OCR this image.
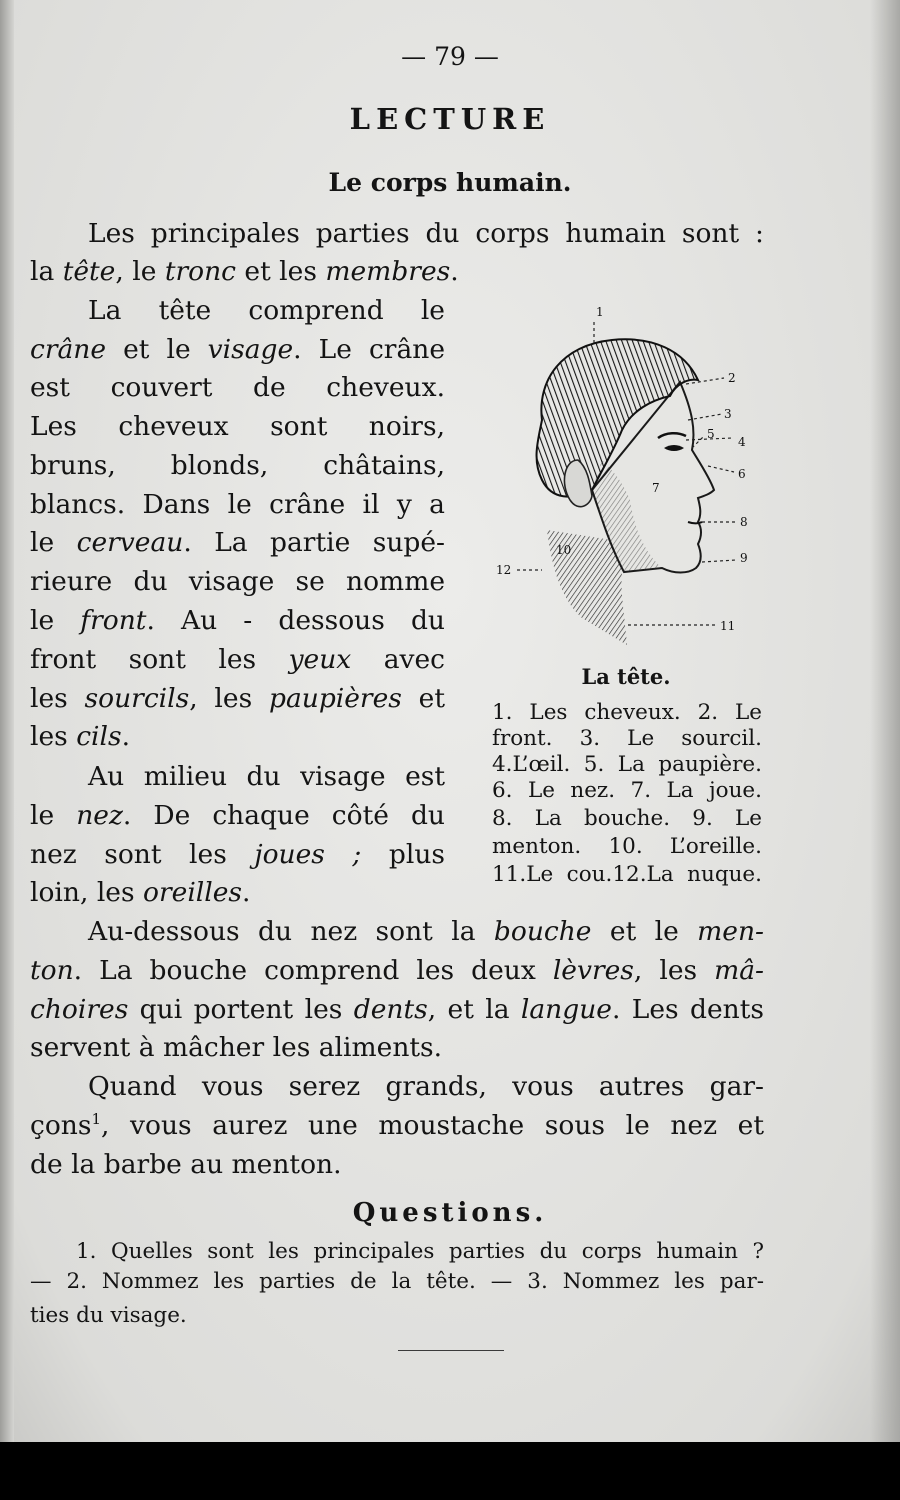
— 79 —
LECTURE
Le corps humain.
Les principales parties du corps humain sont :
la tête, le tronc et les membres.
La tête comprend le
crâne et le visage. Le crâne
est couvert de cheveux.
Les cheveux sont noirs,
bruns, blonds, châtains,
blancs. Dans le crâne il y a
le cerveau. La partie supé-
rieure du visage se nomme
le front. Au - dessous du
front sont les yeux avec
les sourcils, les paupières et
les cils.
Au milieu du visage est
le nez. De chaque côté du
nez sont les joues ; plus
loin, les oreilles.
Au-dessous du nez sont la bouche et le men-
ton. La bouche comprend les deux lèvres, les mâ-
choires qui portent les dents, et la langue. Les dents
servent à mâcher les aliments.
Quand vous serez grands, vous autres gar-
çons$^1$, vous aurez une moustache sous le nez et
de la barbe au menton.
1
2
3
4
5
6
7
8
9
10
11
12
La tête.
1. Les cheveux. 2. Le
front. 3. Le sourcil.
4.L’œil. 5. La paupière.
6. Le nez. 7. La joue.
8. La bouche. 9. Le
menton. 10. L’oreille.
11.Le cou.12.La nuque.
Questions.
1. Quelles sont les principales parties du corps humain ?
— 2. Nommez les parties de la tête. — 3. Nommez les par-
ties du visage.
